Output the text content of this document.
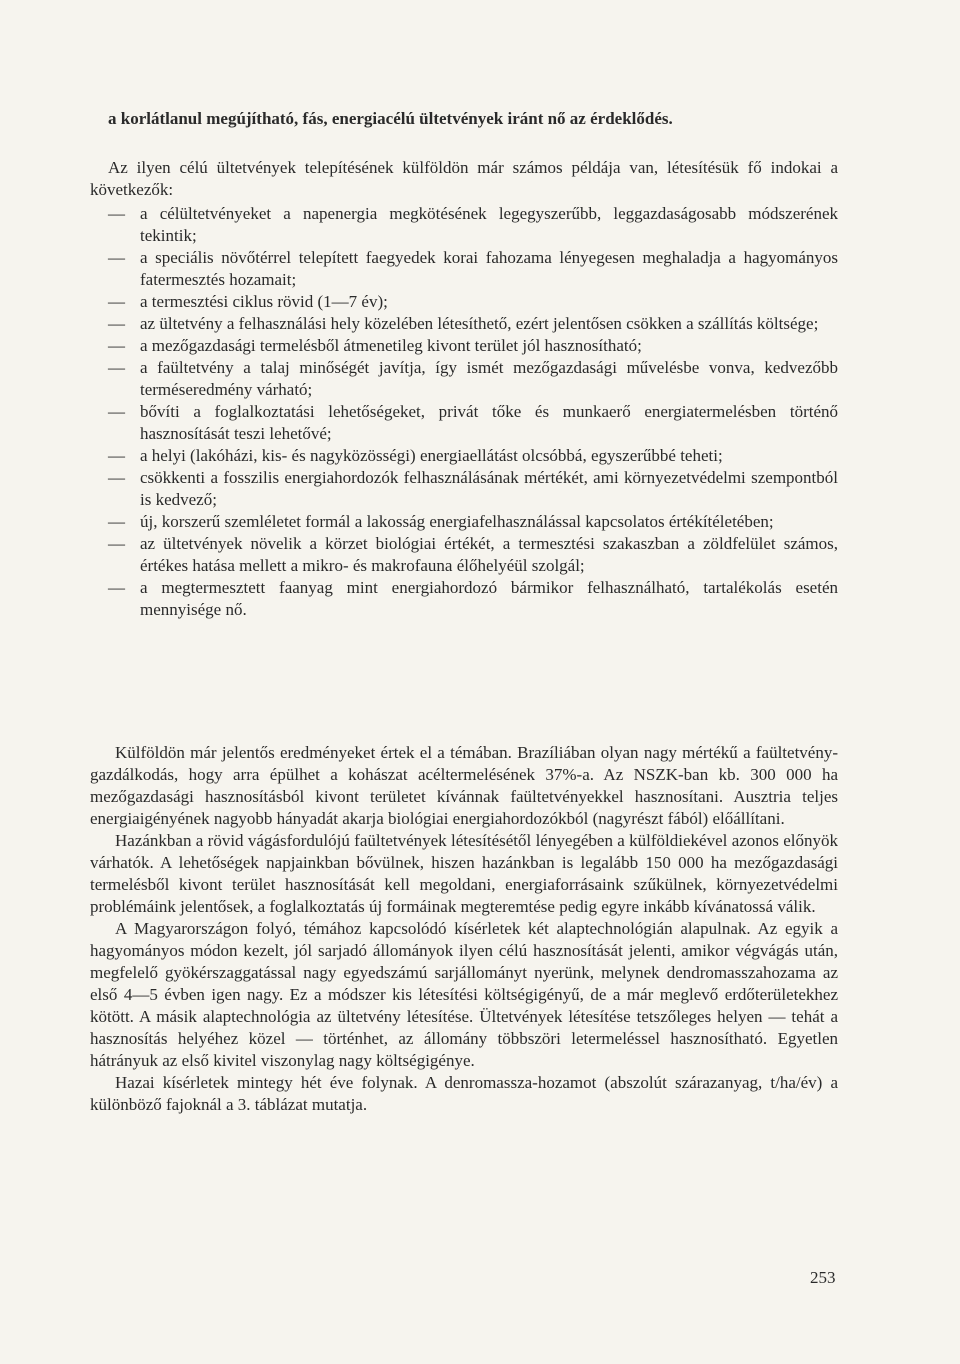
a korlátlanul megújítható, fás, energiacélú ültetvények iránt nő az érdeklődés.

Az ilyen célú ültetvények telepítésének külföldön már számos példája van, létesítésük fő indokai a következők:

— a célültetvényeket a napenergia megkötésének legegyszerűbb, leggazdaságosabb módszerének tekintik;
— a speciális növőtérrel telepített faegyedek korai fahozama lényegesen meghaladja a hagyományos fatermesztés hozamait;
— a termesztési ciklus rövid (1—7 év);
— az ültetvény a felhasználási hely közelében létesíthető, ezért jelentősen csökken a szállítás költsége;
— a mezőgazdasági termelésből átmenetileg kivont terület jól hasznosítható;
— a faültetvény a talaj minőségét javítja, így ismét mezőgazdasági művelésbe vonva, kedvezőbb terméseredmény várható;
— bővíti a foglalkoztatási lehetőségeket, privát tőke és munkaerő energiatermelésben történő hasznosítását teszi lehetővé;
— a helyi (lakóházi, kis- és nagyközösségi) energiaellátást olcsóbbá, egyszerűbbé teheti;
— csökkenti a fosszilis energiahordozók felhasználásának mértékét, ami környezetvédelmi szempontból is kedvező;
— új, korszerű szemléletet formál a lakosság energiafelhasználással kapcsolatos értékítéletében;
— az ültetvények növelik a körzet biológiai értékét, a termesztési szakaszban a zöldfelület számos, értékes hatása mellett a mikro- és makrofauna élőhelyéül szolgál;
— a megtermesztett faanyag mint energiahordozó bármikor felhasználható, tartalékolás esetén mennyisége nő.

Külföldön már jelentős eredményeket értek el a témában. Brazíliában olyan nagy mértékű a faültetvény-gazdálkodás, hogy arra épülhet a kohászat acéltermelésének 37%-a. Az NSZK-ban kb. 300 000 ha mezőgazdasági hasznosításból kivont területet kívánnak faültetvényekkel hasznosítani. Ausztria teljes energiaigényének nagyobb hányadát akarja biológiai energiahordozókból (nagyrészt fából) előállítani.

Hazánkban a rövid vágásfordulójú faültetvények létesítésétől lényegében a külföldiekével azonos előnyök várhatók. A lehetőségek napjainkban bővülnek, hiszen hazánkban is legalább 150 000 ha mezőgazdasági termelésből kivont terület hasznosítását kell megoldani, energiaforrásaink szűkülnek, környezetvédelmi problémáink jelentősek, a foglalkoztatás új formáinak megteremtése pedig egyre inkább kívánatossá válik.

A Magyarországon folyó, témához kapcsolódó kísérletek két alaptechnológián alapulnak. Az egyik a hagyományos módon kezelt, jól sarjadó állományok ilyen célú hasznosítását jelenti, amikor végvágás után, megfelelő gyökérszaggatással nagy egyedszámú sarjállományt nyerünk, melynek dendromasszahozama az első 4—5 évben igen nagy. Ez a módszer kis létesítési költségigényű, de a már meglevő erdőterületekhez kötött. A másik alaptechnológia az ültetvény létesítése. Ültetvények létesítése tetszőleges helyen — tehát a hasznosítás helyéhez közel — történhet, az állomány többszöri letermeléssel hasznosítható. Egyetlen hátrányuk az első kivitel viszonylag nagy költségigénye.

Hazai kísérletek mintegy hét éve folynak. A denromassza-hozamot (abszolút szárazanyag, t/ha/év) a különböző fajoknál a 3. táblázat mutatja.

253
